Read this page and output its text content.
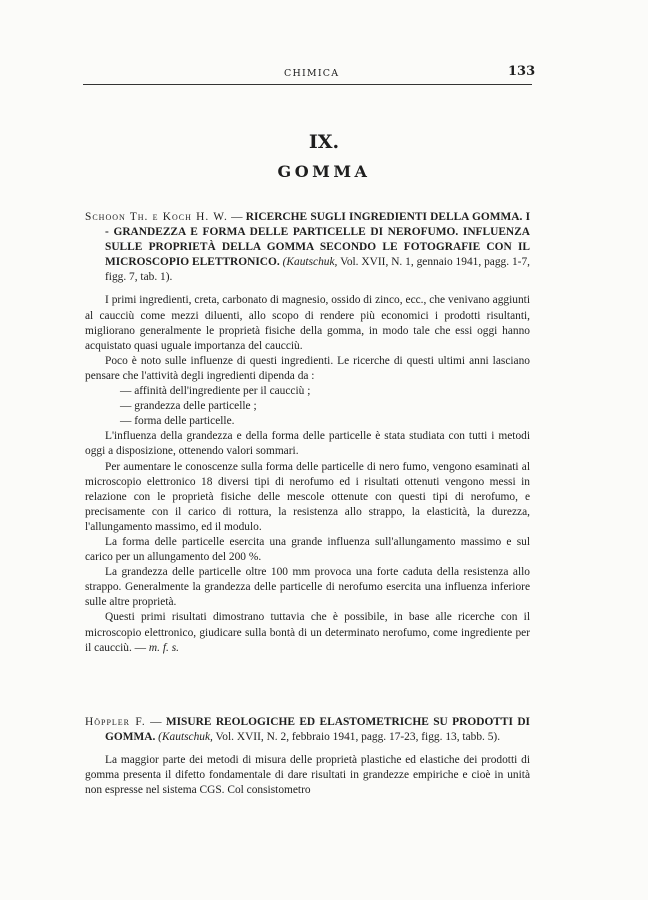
CHIMICA	133
IX.
GOMMA
Schoon Th. e Koch H. W. — RICERCHE SUGLI INGREDIENTI DELLA GOMMA. I - GRANDEZZA E FORMA DELLE PARTICELLE DI NEROFUMO. INFLUENZA SULLE PROPRIETÀ DELLA GOMMA SECONDO LE FOTOGRAFIE CON IL MICROSCOPIO ELETTRONICO. (Kautschuk, Vol. XVII, N. 1, gennaio 1941, pagg. 1-7, figg. 7, tab. 1).

I primi ingredienti, creta, carbonato di magnesio, ossido di zinco, ecc., che venivano aggiunti al caucciù come mezzi diluenti, allo scopo di rendere più economici i prodotti risultanti, migliorano generalmente le proprietà fisiche della gomma, in modo tale che essi oggi hanno acquistato quasi uguale importanza del caucciù.

Poco è noto sulle influenze di questi ingredienti. Le ricerche di questi ultimi anni lasciano pensare che l'attività degli ingredienti dipenda da :

— affinità dell'ingrediente per il caucciù ;
— grandezza delle particelle ;
— forma delle particelle.

L'influenza della grandezza e della forma delle particelle è stata studiata con tutti i metodi oggi a disposizione, ottenendo valori sommari.

Per aumentare le conoscenze sulla forma delle particelle di nero fumo, vengono esaminati al microscopio elettronico 18 diversi tipi di nerofumo ed i risultati ottenuti vengono messi in relazione con le proprietà fisiche delle mescole ottenute con questi tipi di nerofumo, e precisamente con il carico di rottura, la resistenza allo strappo, la elasticità, la durezza, l'allungamento massimo, ed il modulo.

La forma delle particelle esercita una grande influenza sull'allungamento massimo e sul carico per un allungamento del 200 %.

La grandezza delle particelle oltre 100 mm provoca una forte caduta della resistenza allo strappo. Generalmente la grandezza delle particelle di nerofumo esercita una influenza inferiore sulle altre proprietà.

Questi primi risultati dimostrano tuttavia che è possibile, in base alle ricerche con il microscopio elettronico, giudicare sulla bontà di un determinato nerofumo, come ingrediente per il caucciù. — m. f. s.

Höppler F. — MISURE REOLOGICHE ED ELASTOMETRICHE SU PRODOTTI DI GOMMA. (Kautschuk, Vol. XVII, N. 2, febbraio 1941, pagg. 17-23, figg. 13, tabb. 5).

La maggior parte dei metodi di misura delle proprietà plastiche ed elastiche dei prodotti di gomma presenta il difetto fondamentale di dare risultati in grandezze empiriche e cioè in unità non espresse nel sistema CGS. Col consistometro
